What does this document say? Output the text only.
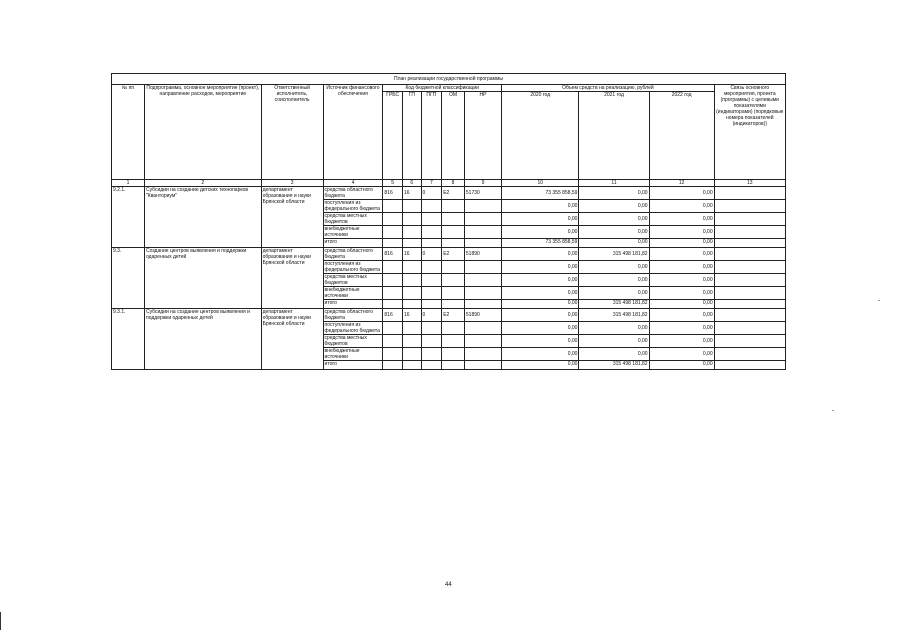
План реализации государственной программы												
№ пп	Подпрограмма, основное мероприятие (проект), направление расходов, мероприятие	Ответственный исполнитель, соисполнитель	Источник финансового обеспечения	Код бюджетной классификации					Объем средств на реализацию, рублей			Связь основного мероприятия, проекта (программы) с целевыми показателями (индикаторами) (порядковые номера показателей (индикаторов))
				ГРБС	ГП	ПГП	ОМ	НР	2020 год	2021 год	2022 год	
1	2	3	4	5	6	7	8	9	10	11	12	13
9.2.1.	Субсидии на создание детских технопарков "Кванториум"	департамент образования и науки Брянской области	средства областного бюджета	816	16	0	E2	51730	73 355 858,59	0,00	0,00	
			поступления из федерального бюджета						0,00	0,00	0,00	
			средства местных бюджетов						0,00	0,00	0,00	
			внебюджетные источники						0,00	0,00	0,00	
			итого						73 355 858,59	0,00	0,00	
9.3.	Создание центров выявления и поддержки одаренных детей	департамент образования и науки Брянской области	средства областного бюджета	816	16	0	E2	51890	0,00	315 498 181,82	0,00	
			поступления из федерального бюджета						0,00	0,00	0,00	
			средства местных бюджетов						0,00	0,00	0,00	
			внебюджетные источники						0,00	0,00	0,00	
			итого						0,00	315 498 181,82	0,00	
9.3.1.	Субсидии на создание центров выявления и поддержки одаренных детей	департамент образования и науки Брянской области	средства областного бюджета	816	16	0	E2	51890	0,00	315 498 181,82	0,00	
			поступления из федерального бюджета						0,00	0,00	0,00	
			средства местных бюджетов						0,00	0,00	0,00	
			внебюджетные источники						0,00	0,00	0,00	
			итого						0,00	315 498 181,82	0,00	
44
